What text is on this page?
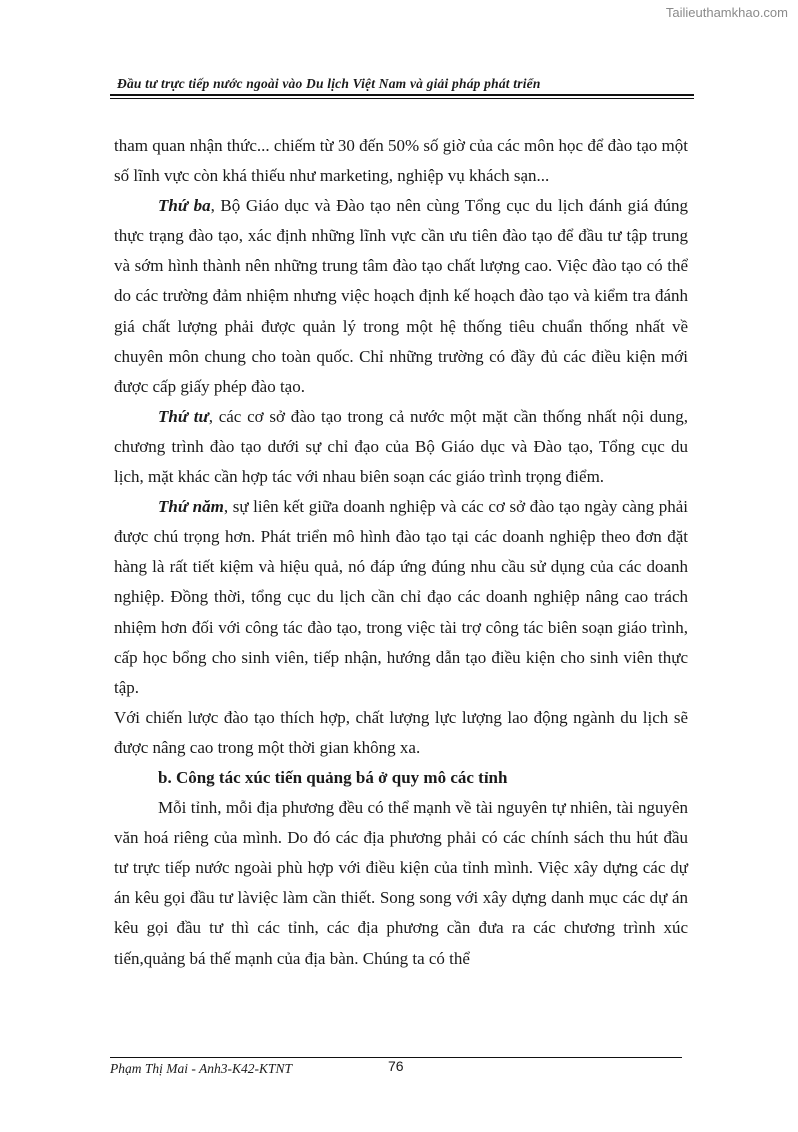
Tailieuthamkhao.com
Đầu tư trực tiếp nước ngoài vào Du lịch Việt Nam và giải pháp phát triển

tham quan nhận thức... chiếm từ 30 đến 50% số giờ của các môn học để đào tạo một số lĩnh vực còn khá thiếu như marketing, nghiệp vụ khách sạn...

Thứ ba, Bộ Giáo dục và Đào tạo nên cùng Tổng cục du lịch đánh giá đúng thực trạng đào tạo, xác định những lĩnh vực cần ưu tiên đào tạo để đầu tư tập trung và sớm hình thành nên những trung tâm đào tạo chất lượng cao. Việc đào tạo có thể do các trường đảm nhiệm nhưng việc hoạch định kế hoạch đào tạo và kiểm tra đánh giá chất lượng phải được quản lý trong một hệ thống tiêu chuẩn thống nhất về chuyên môn chung cho toàn quốc. Chỉ những trường có đầy đủ các điều kiện mới được cấp giấy phép đào tạo.

Thứ tư, các cơ sở đào tạo trong cả nước một mặt cần thống nhất nội dung, chương trình đào tạo dưới sự chỉ đạo của Bộ Giáo dục và Đào tạo, Tổng cục du lịch, mặt khác cần hợp tác với nhau biên soạn các giáo trình trọng điểm.

Thứ năm, sự liên kết giữa doanh nghiệp và các cơ sở đào tạo ngày càng phải được chú trọng hơn. Phát triển mô hình đào tạo tại các doanh nghiệp theo đơn đặt hàng là rất tiết kiệm và hiệu quả, nó đáp ứng đúng nhu cầu sử dụng của các doanh nghiệp. Đồng thời, tổng cục du lịch cần chỉ đạo các doanh nghiệp nâng cao trách nhiệm hơn đối với công tác đào tạo, trong việc tài trợ công tác biên soạn giáo trình, cấp học bổng cho sinh viên, tiếp nhận, hướng dẫn tạo điều kiện cho sinh viên thực tập.

Với chiến lược đào tạo thích hợp, chất lượng lực lượng lao động ngành du lịch sẽ được nâng cao trong một thời gian không xa.

b. Công tác xúc tiến quảng bá ở quy mô các tỉnh

Mỗi tỉnh, mỗi địa phương đều có thể mạnh về tài nguyên tự nhiên, tài nguyên văn hoá riêng của mình. Do đó các địa phương phải có các chính sách thu hút đầu tư trực tiếp nước ngoài phù hợp với điều kiện của tỉnh mình. Việc xây dựng các dự án kêu gọi đầu tư làviệc làm cần thiết. Song song với xây dựng danh mục các dự án kêu gọi đầu tư thì các tỉnh, các địa phương cần đưa ra các chương trình xúc tiến,quảng bá thế mạnh của địa bàn. Chúng ta có thể

Phạm Thị Mai - Anh3-K42-KTNT	76
